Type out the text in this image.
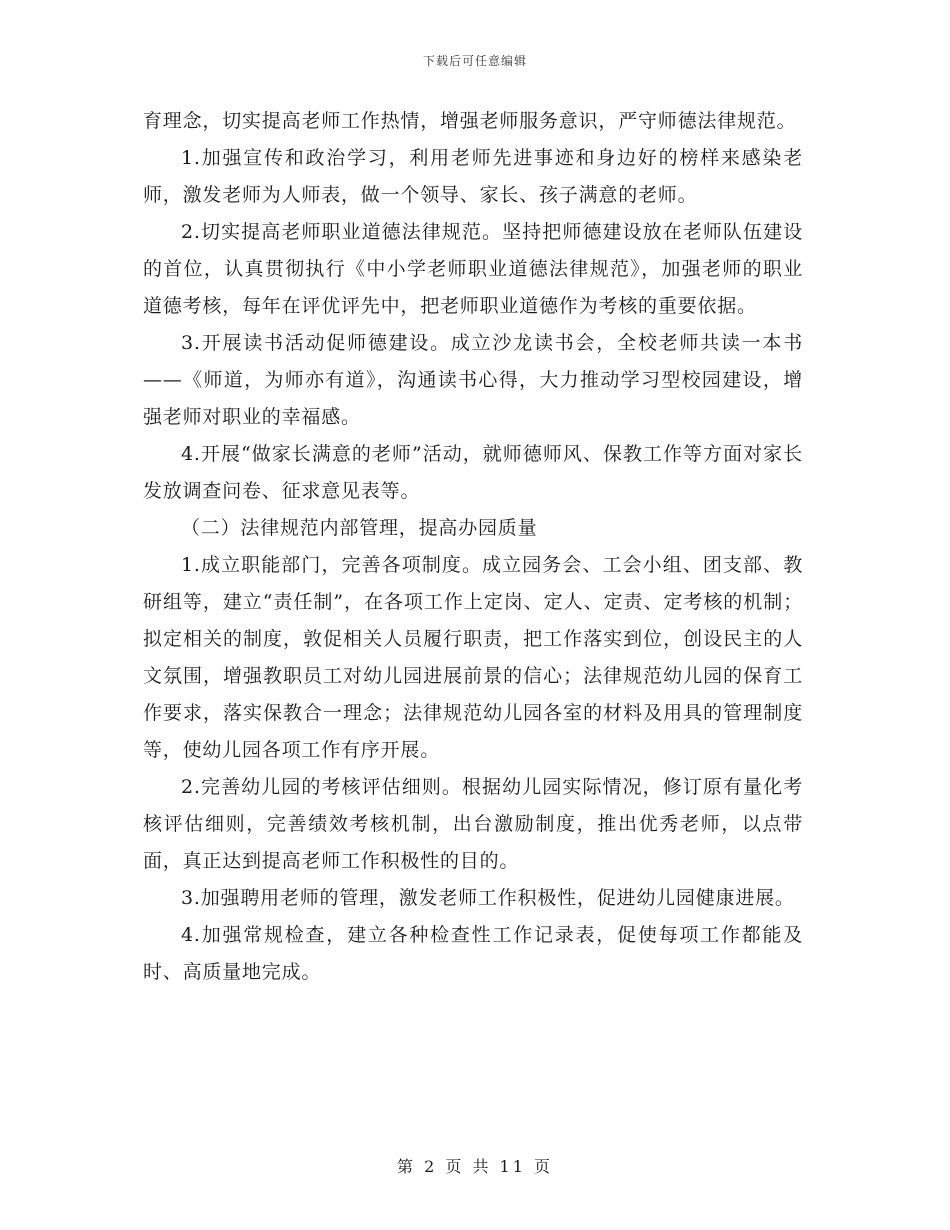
下载后可任意编辑

育理念，切实提高老师工作热情，增强老师服务意识，严守师德法律规范。

1.加强宣传和政治学习，利用老师先进事迹和身边好的榜样来感染老师，激发老师为人师表，做一个领导、家长、孩子满意的老师。

2.切实提高老师职业道德法律规范。坚持把师德建设放在老师队伍建设的首位，认真贯彻执行《中小学老师职业道德法律规范》，加强老师的职业道德考核，每年在评优评先中，把老师职业道德作为考核的重要依据。

3.开展读书活动促师德建设。成立沙龙读书会，全校老师共读一本书——《师道，为师亦有道》，沟通读书心得，大力推动学习型校园建设，增强老师对职业的幸福感。

4.开展“做家长满意的老师”活动，就师德师风、保教工作等方面对家长发放调查问卷、征求意见表等。

（二）法律规范内部管理，提高办园质量

1.成立职能部门，完善各项制度。成立园务会、工会小组、团支部、教研组等，建立“责任制”，在各项工作上定岗、定人、定责、定考核的机制；拟定相关的制度，敦促相关人员履行职责，把工作落实到位，创设民主的人文氛围，增强教职员工对幼儿园进展前景的信心；法律规范幼儿园的保育工作要求，落实保教合一理念；法律规范幼儿园各室的材料及用具的管理制度等，使幼儿园各项工作有序开展。

2.完善幼儿园的考核评估细则。根据幼儿园实际情况，修订原有量化考核评估细则，完善绩效考核机制，出台激励制度，推出优秀老师，以点带面，真正达到提高老师工作积极性的目的。

3.加强聘用老师的管理，激发老师工作积极性，促进幼儿园健康进展。

4.加强常规检查，建立各种检查性工作记录表，促使每项工作都能及时、高质量地完成。

第 2 页 共 11 页
